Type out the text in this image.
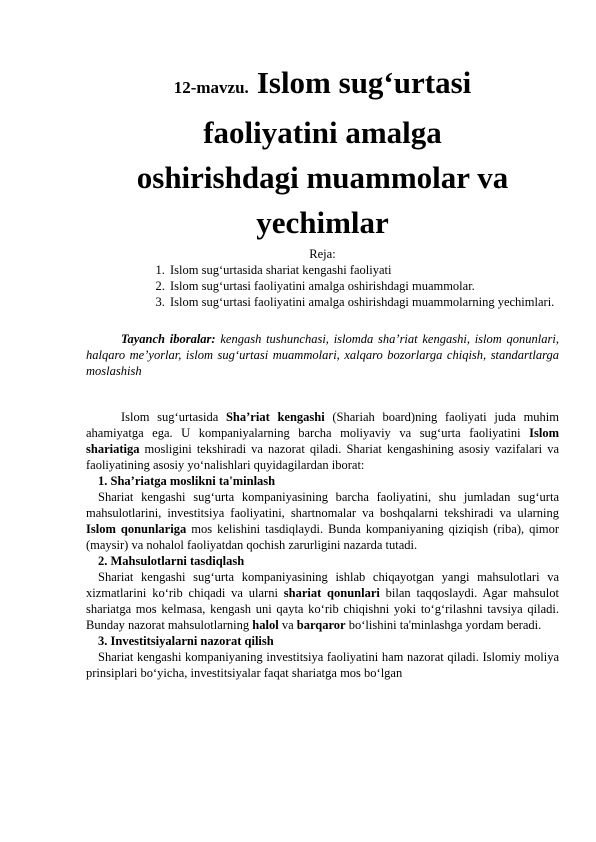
12-mavzu. Islom sug‘urtasi
faoliyatini amalga
oshirishdagi muammolar va
yechimlar
Reja:
1. Islom sug‘urtasida shariat kengashi faoliyati
2. Islom sug‘urtasi faoliyatini amalga oshirishdagi muammolar.
3. Islom sug‘urtasi faoliyatini amalga oshirishdagi muammolarning yechimlari.
Tayanch iboralar: kengash tushunchasi, islomda sha’riat kengashi, islom qonunlari, halqaro me’yorlar, islom sug‘urtasi muammolari, xalqaro bozorlarga chiqish, standartlarga moslashish

Islom sug‘urtasida Sha’riat kengashi (Shariah board)ning faoliyati juda muhim ahamiyatga ega. U kompaniyalarning barcha moliyaviy va sug‘urta faoliyatini Islom shariatiga mosligini tekshiradi va nazorat qiladi. Shariat kengashining asosiy vazifalari va faoliyatining asosiy yo‘nalishlari quyidagilardan iborat:

1. Sha’riatga moslikni ta'minlash

Shariat kengashi sug‘urta kompaniyasining barcha faoliyatini, shu jumladan sug‘urta mahsulotlarini, investitsiya faoliyatini, shartnomalar va boshqalarni tekshiradi va ularning Islom qonunlariga mos kelishini tasdiqlaydi. Bunda kompaniyaning qiziqish (riba), qimor (maysir) va nohalol faoliyatdan qochish zarurligini nazarda tutadi.

2. Mahsulotlarni tasdiqlash

Shariat kengashi sug‘urta kompaniyasining ishlab chiqayotgan yangi mahsulotlari va xizmatlarini ko‘rib chiqadi va ularni shariat qonunlari bilan taqqoslaydi. Agar mahsulot shariatga mos kelmasa, kengash uni qayta ko‘rib chiqishni yoki to‘g‘rilashni tavsiya qiladi. Bunday nazorat mahsulotlarning halol va barqaror bo‘lishini ta'minlashga yordam beradi.

3. Investitsiyalarni nazorat qilish

Shariat kengashi kompaniyaning investitsiya faoliyatini ham nazorat qiladi. Islomiy moliya prinsiplari bo‘yicha, investitsiyalar faqat shariatga mos bo‘lgan
